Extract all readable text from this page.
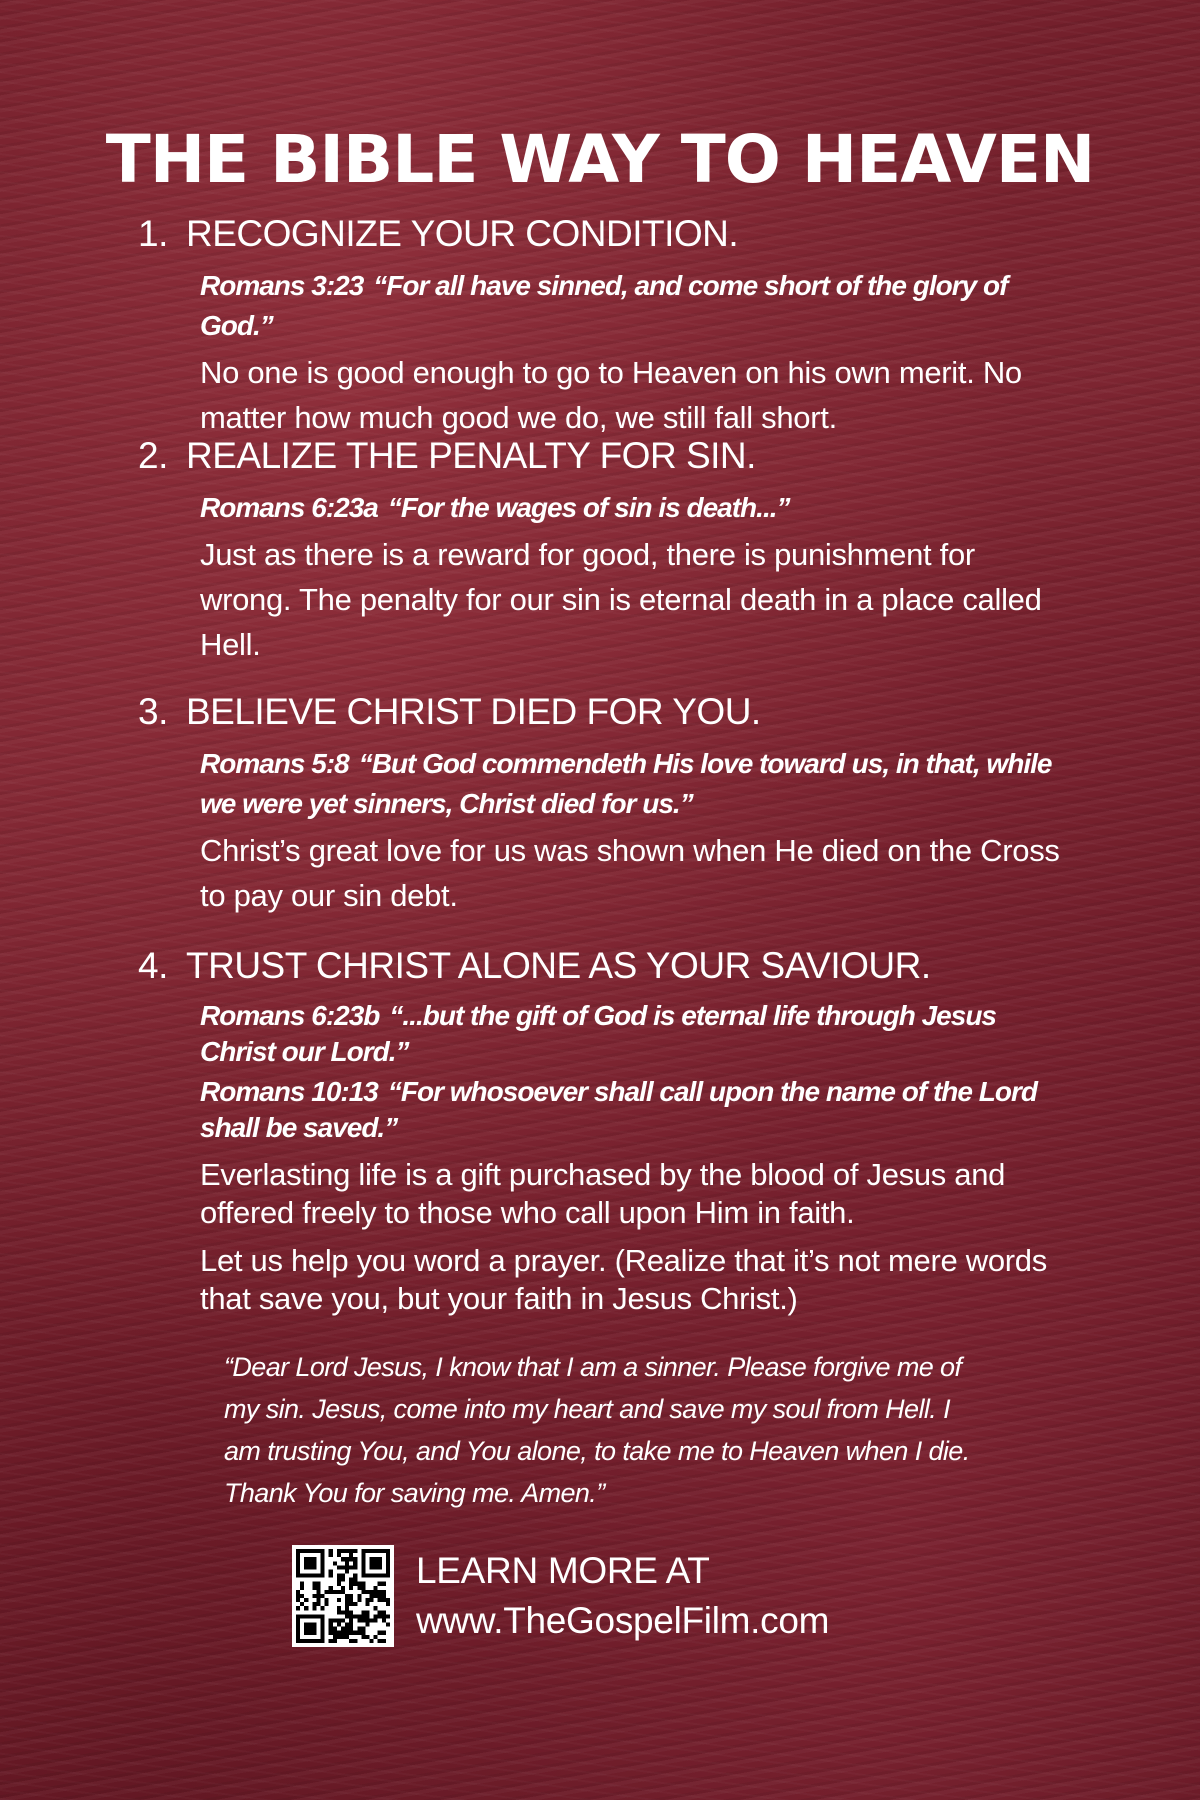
THE BIBLE WAY TO HEAVEN
1. RECOGNIZE YOUR CONDITION.

Romans 3:23 “For all have sinned, and come short of the glory of God.”

No one is good enough to go to Heaven on his own merit. No matter how much good we do, we still fall short.

2. REALIZE THE PENALTY FOR SIN.

Romans 6:23a “For the wages of sin is death...”

Just as there is a reward for good, there is punishment for wrong. The penalty for our sin is eternal death in a place called Hell.

3. BELIEVE CHRIST DIED FOR YOU.

Romans 5:8 “But God commendeth His love toward us, in that, while we were yet sinners, Christ died for us.”

Christ’s great love for us was shown when He died on the Cross to pay our sin debt.

4. TRUST CHRIST ALONE AS YOUR SAVIOUR.

Romans 6:23b “...but the gift of God is eternal life through Jesus Christ our Lord.”

Romans 10:13 “For whosoever shall call upon the name of the Lord shall be saved.”

Everlasting life is a gift purchased by the blood of Jesus and offered freely to those who call upon Him in faith.

Let us help you word a prayer. (Realize that it’s not mere words that save you, but your faith in Jesus Christ.)

“Dear Lord Jesus, I know that I am a sinner. Please forgive me of my sin. Jesus, come into my heart and save my soul from Hell. I am trusting You, and You alone, to take me to Heaven when I die. Thank You for saving me. Amen.”

LEARN MORE AT
www.TheGospelFilm.com
